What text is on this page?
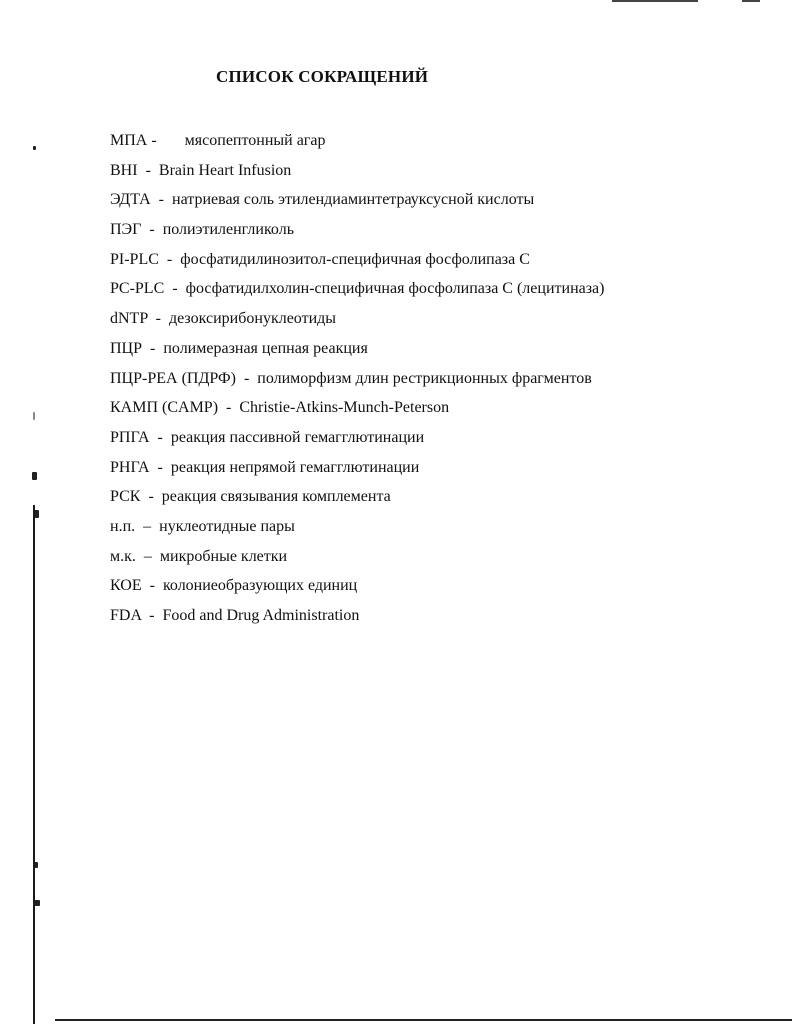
СПИСОК СОКРАЩЕНИЙ
МПА -       мясопептонный агар
BHI  -  Brain Heart Infusion
ЭДТА  -  натриевая соль этилендиаминтетрауксусной кислоты
ПЭГ  -  полиэтиленгликоль
PI-PLC  -  фосфатидилинозитол-специфичная фосфолипаза С
PC-PLC  -  фосфатидилхолин-специфичная фосфолипаза С (лецитиназа)
dNTP  -  дезоксирибонуклеотиды
ПЦР  -  полимеразная цепная реакция
ПЦР-РЕА (ПДРФ)  -  полиморфизм длин рестрикционных фрагментов
КАМП (CAMP)  -  Christie-Atkins-Munch-Peterson
РПГА  -  реакция пассивной гемагглютинации
РНГА  -  реакция непрямой гемагглютинации
РСК  -  реакция связывания комплемента
н.п.  –  нуклеотидные пары
м.к.  –  микробные клетки
КОЕ  -  колониеобразующих единиц
FDA  -  Food and Drug Administration
